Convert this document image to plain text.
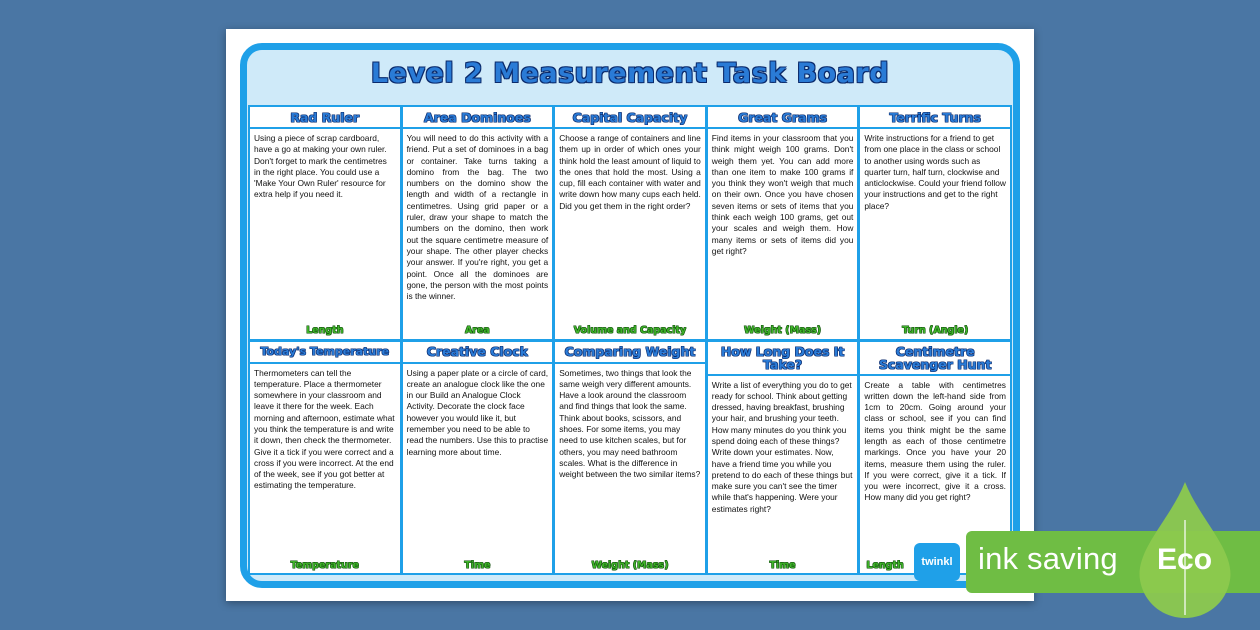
Level 2 Measurement Task Board
Rad Ruler
Using a piece of scrap cardboard, have a go at making your own ruler. Don't forget to mark the centimetres in the right place. You could use a 'Make Your Own Ruler' resource for extra help if you need it.
Length
Area Dominoes
You will need to do this activity with a friend. Put a set of dominoes in a bag or container. Take turns taking a domino from the bag. The two numbers on the domino show the length and width of a rectangle in centimetres. Using grid paper or a ruler, draw your shape to match the numbers on the domino, then work out the square centimetre measure of your shape. The other player checks your answer. If you're right, you get a point. Once all the dominoes are gone, the person with the most points is the winner.
Area
Capital Capacity
Choose a range of containers and line them up in order of which ones your think hold the least amount of liquid to the ones that hold the most. Using a cup, fill each container with water and write down how many cups each held. Did you get them in the right order?
Volume and Capacity
Great Grams
Find items in your classroom that you think might weigh 100 grams. Don't weigh them yet. You can add more than one item to make 100 grams if you think they won't weigh that much on their own. Once you have chosen seven items or sets of items that you think each weigh 100 grams, get out your scales and weigh them. How many items or sets of items did you get right?
Weight (Mass)
Terrific Turns
Write instructions for a friend to get from one place in the class or school to another using words such as quarter turn, half turn, clockwise and anticlockwise. Could your friend follow your instructions and get to the right place?
Turn (Angle)
Today's Temperature
Thermometers can tell the temperature. Place a thermometer somewhere in your classroom and leave it there for the week. Each morning and afternoon, estimate what you think the temperature is and write it down, then check the thermometer. Give it a tick if you were correct and a cross if you were incorrect. At the end of the week, see if you got better at estimating the temperature.
Temperature
Creative Clock
Using a paper plate or a circle of card, create an analogue clock like the one in our Build an Analogue Clock Activity. Decorate the clock face however you would like it, but remember you need to be able to read the numbers. Use this to practise learning more about time.
Time
Comparing Weight
Sometimes, two things that look the same weigh very different amounts. Have a look around the classroom and find things that look the same. Think about books, scissors, and shoes. For some items, you may need to use kitchen scales, but for others, you may need bathroom scales. What is the difference in weight between the two similar items?
Weight (Mass)
How Long Does It Take?
Write a list of everything you do to get ready for school. Think about getting dressed, having breakfast, brushing your hair, and brushing your teeth. How many minutes do you think you spend doing each of these things? Write down your estimates. Now, have a friend time you while you pretend to do each of these things but make sure you can't see the timer while that's happening. Were your estimates right?
Time
Centimetre Scavenger Hunt
Create a table with centimetres written down the left-hand side from 1cm to 20cm. Going around your class or school, see if you can find items you think might be the same length as each of those centimetre markings. Once you have your 20 items, measure them using the ruler. If you were correct, give it a tick. If you were incorrect, give it a cross. How many did you get right?
Length	twinkl ink saving Eco
